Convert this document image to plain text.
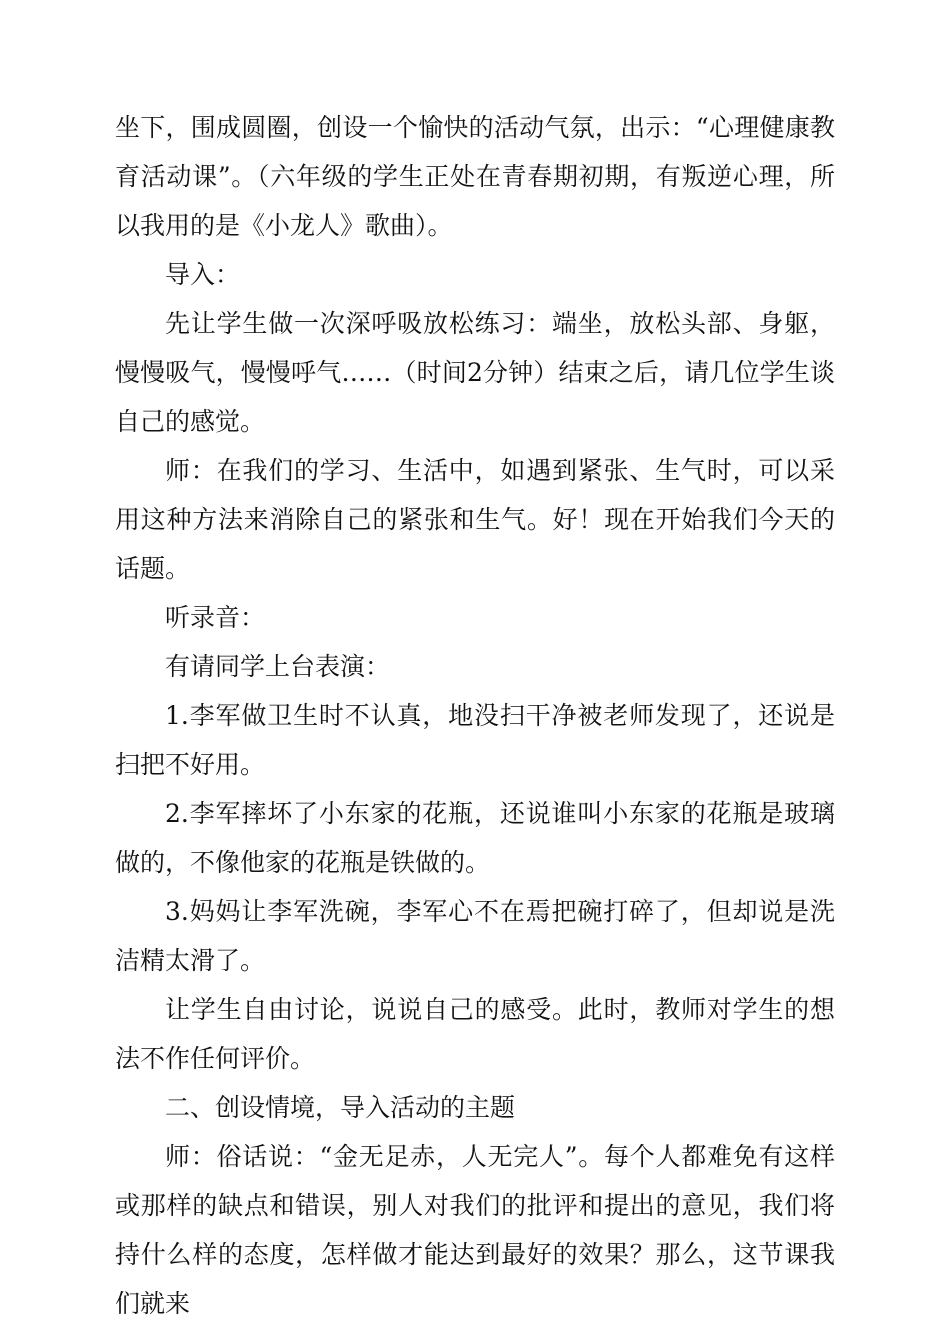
坐下，围成圆圈，创设一个愉快的活动气氛，出示：“心理健康教育活动课”。（六年级的学生正处在青春期初期，有叛逆心理，所以我用的是《小龙人》歌曲）。

导入：

先让学生做一次深呼吸放松练习：端坐，放松头部、身躯，慢慢吸气，慢慢呼气……（时间2分钟）结束之后，请几位学生谈自己的感觉。

师：在我们的学习、生活中，如遇到紧张、生气时，可以采用这种方法来消除自己的紧张和生气。好！现在开始我们今天的话题。

听录音：

有请同学上台表演：

1.李军做卫生时不认真，地没扫干净被老师发现了，还说是扫把不好用。

2.李军摔坏了小东家的花瓶，还说谁叫小东家的花瓶是玻璃做的，不像他家的花瓶是铁做的。

3.妈妈让李军洗碗，李军心不在焉把碗打碎了，但却说是洗洁精太滑了。

让学生自由讨论，说说自己的感受。此时，教师对学生的想法不作任何评价。

二、创设情境，导入活动的主题

师：俗话说：“金无足赤，人无完人”。每个人都难免有这样或那样的缺点和错误，别人对我们的批评和提出的意见，我们将持什么样的态度，怎样做才能达到最好的效果？那么，这节课我们就来
